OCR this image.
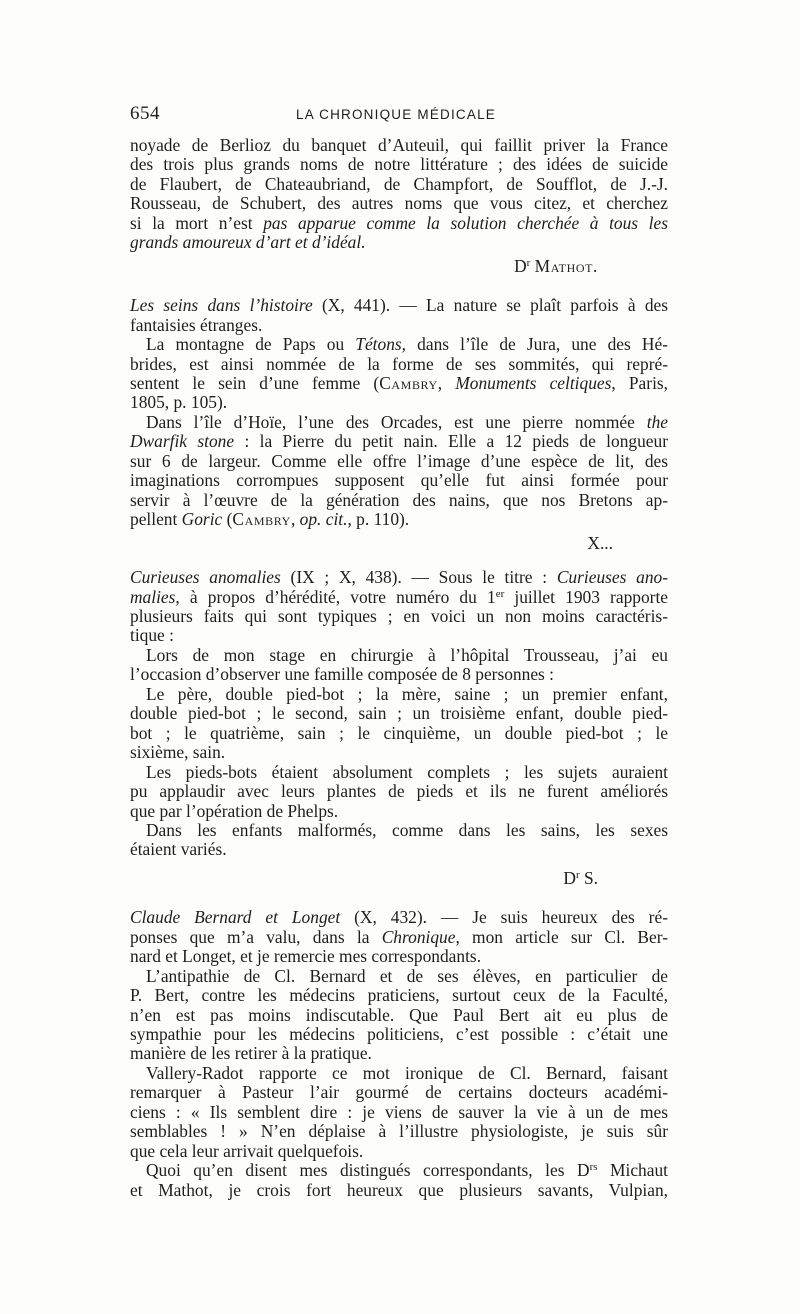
654	LA CHRONIQUE MÉDICALE

noyade de Berlioz du banquet d’Auteuil, qui faillit priver la France

des trois plus grands noms de notre littérature ; des idées de suicide

de Flaubert, de Chateaubriand, de Champfort, de Soufflot, de J.-J.

Rousseau, de Schubert, des autres noms que vous citez, et cherchez

si la mort n’est pas apparue comme la solution cherchée à tous les

grands amoureux d’art et d’idéal.

$D^r$ Mathot.

Les seins dans l’histoire (X, 441). — La nature se plaît parfois à des

fantaisies étranges.

La montagne de Paps ou Tétons, dans l’île de Jura, une des Hé-

brides, est ainsi nommée de la forme de ses sommités, qui repré-

sentent le sein d’une femme (Cambry, Monuments celtiques, Paris,

1805, p. 105).

Dans l’île d’Hoïe, l’une des Orcades, est une pierre nommée the

Dwarfik stone : la Pierre du petit nain. Elle a 12 pieds de longueur

sur 6 de largeur. Comme elle offre l’image d’une espèce de lit, des

imaginations corrompues supposent qu’elle fut ainsi formée pour

servir à l’œuvre de la génération des nains, que nos Bretons ap-

pellent Goric (Cambry, op. cit., p. 110).

X...

Curieuses anomalies (IX ; X, 438). — Sous le titre : Curieuses ano-

malies, à propos d’hérédité, votre numéro du 1er juillet 1903 rapporte

plusieurs faits qui sont typiques ; en voici un non moins caractéris-

tique :

Lors de mon stage en chirurgie à l’hôpital Trousseau, j’ai eu

l’occasion d’observer une famille composée de 8 personnes :

Le père, double pied-bot ; la mère, saine ; un premier enfant,

double pied-bot ; le second, sain ; un troisième enfant, double pied-

bot ; le quatrième, sain ; le cinquième, un double pied-bot ; le

sixième, sain.

Les pieds-bots étaient absolument complets ; les sujets auraient

pu applaudir avec leurs plantes de pieds et ils ne furent améliorés

que par l’opération de Phelps.

Dans les enfants malformés, comme dans les sains, les sexes

étaient variés.

$D^r$ S.

Claude Bernard et Longet (X, 432). — Je suis heureux des ré-

ponses que m’a valu, dans la Chronique, mon article sur Cl. Ber-

nard et Longet, et je remercie mes correspondants.

L’antipathie de Cl. Bernard et de ses élèves, en particulier de

P. Bert, contre les médecins praticiens, surtout ceux de la Faculté,

n’en est pas moins indiscutable. Que Paul Bert ait eu plus de

sympathie pour les médecins politiciens, c’est possible : c’était une

manière de les retirer à la pratique.

Vallery-Radot rapporte ce mot ironique de Cl. Bernard, faisant

remarquer à Pasteur l’air gourmé de certains docteurs académi-

ciens : « Ils semblent dire : je viens de sauver la vie à un de mes

semblables ! » N’en déplaise à l’illustre physiologiste, je suis sûr

que cela leur arrivait quelquefois.

Quoi qu’en disent mes distingués correspondants, les $D^{rs}$ Michaut

et Mathot, je crois fort heureux que plusieurs savants, Vulpian,
